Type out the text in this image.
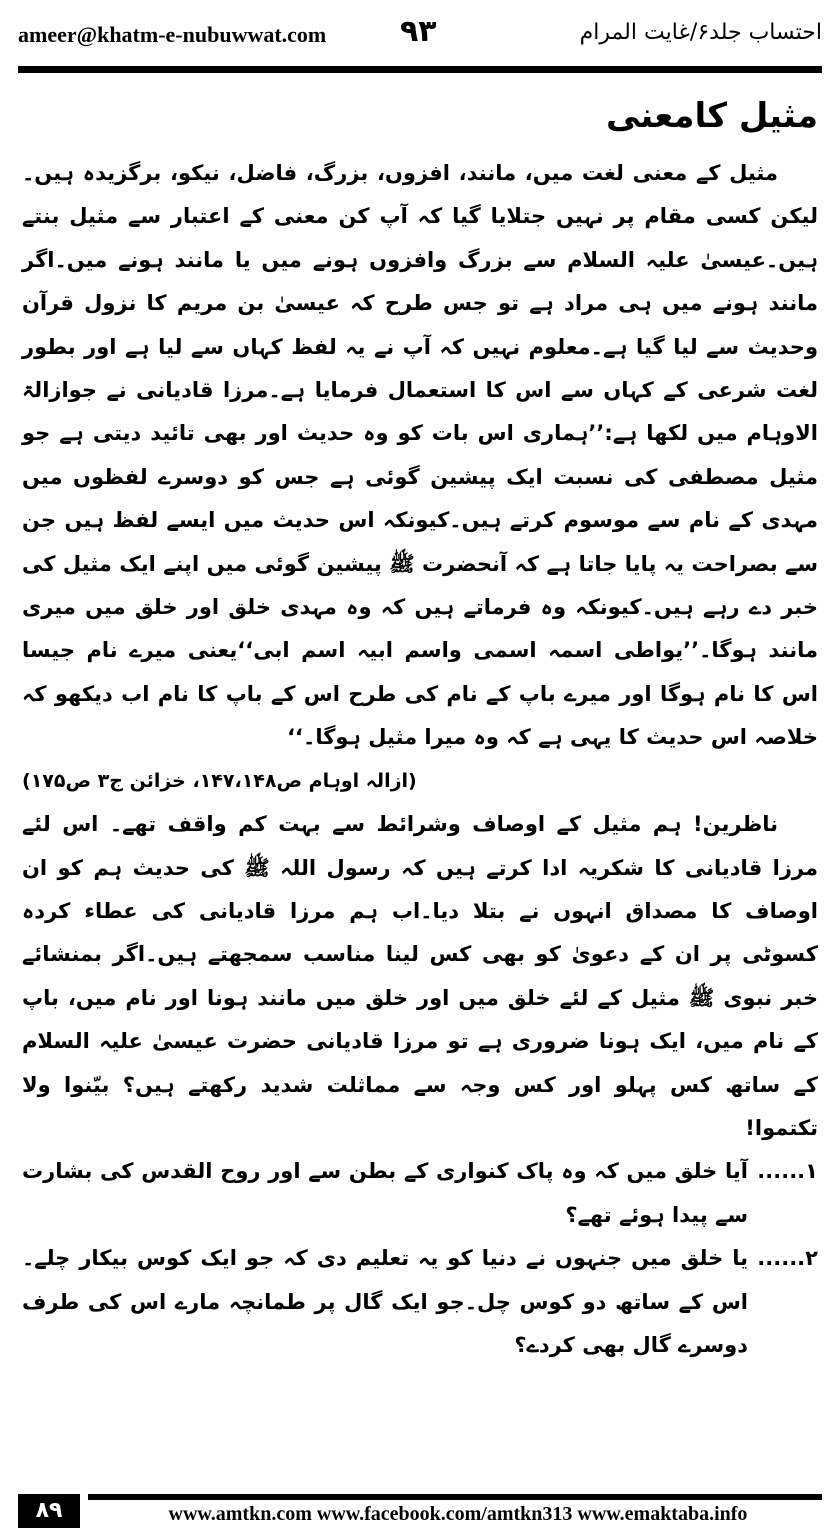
ameer@khatm-e-nubuwwat.com ۹۳	احتساب جلد۶/غایت المرام
مثیل کامعنی
مثیل کے معنی لغت میں، مانند، افزوں، بزرگ، فاضل، نیکو، برگزیدہ ہیں۔لیکن کسی مقام پر نہیں جتلایا گیا کہ آپ کن معنی کے اعتبار سے مثیل بنتے ہیں۔عیسیٰ علیہ السلام سے بزرگ وافزوں ہونے میں یا مانند ہونے میں۔اگر مانند ہونے میں ہی مراد ہے تو جس طرح کہ عیسیٰ بن مریم کا نزول قرآن وحدیث سے لیا گیا ہے۔معلوم نہیں کہ آپ نے یہ لفظ کہاں سے لیا ہے اور بطور لغت شرعی کے کہاں سے اس کا استعمال فرمایا ہے۔مرزا قادیانی نے جوازالۃ الاوہام میں لکھا ہے:’’ہماری اس بات کو وہ حدیث اور بھی تائید دیتی ہے جو مثیل مصطفی کی نسبت ایک پیشین گوئی ہے جس کو دوسرے لفظوں میں مہدی کے نام سے موسوم کرتے ہیں۔کیونکہ اس حدیث میں ایسے لفظ ہیں جن سے بصراحت یہ پایا جاتا ہے کہ آنحضرت ﷺ پیشین گوئی میں اپنے ایک مثیل کی خبر دے رہے ہیں۔کیونکہ وہ فرماتے ہیں کہ وہ مہدی خلق اور خلق میں میری مانند ہوگا۔’’یواطی اسمہ اسمی واسم ابیہ اسم ابی‘‘یعنی میرے نام جیسا اس کا نام ہوگا اور میرے باپ کے نام کی طرح اس کے باپ کا نام اب دیکھو کہ خلاصہ اس حدیث کا یہی ہے کہ وہ میرا مثیل ہوگا۔‘‘
(ازالہ اوہام ص۱۴۷،۱۴۸، خزائن ج۳ ص۱۷۵)
ناظرین! ہم مثیل کے اوصاف وشرائط سے بہت کم واقف تھے۔ اس لئے مرزا قادیانی کا شکریہ ادا کرتے ہیں کہ رسول اللہ ﷺ کی حدیث ہم کو ان اوصاف کا مصداق انہوں نے بتلا دیا۔اب ہم مرزا قادیانی کی عطاء کردہ کسوٹی پر ان کے دعویٰ کو بھی کس لینا مناسب سمجھتے ہیں۔اگر بمنشائے خبر نبوی ﷺ مثیل کے لئے خلق میں اور خلق میں مانند ہونا اور نام میں، باپ کے نام میں، ایک ہونا ضروری ہے تو مرزا قادیانی حضرت عیسیٰ علیہ السلام کے ساتھ کس پہلو اور کس وجہ سے مماثلت شدید رکھتے ہیں؟ بیّنوا ولا تکتموا!
۱......
آیا خلق میں کہ وہ پاک کنواری کے بطن سے اور روح القدس کی بشارت سے پیدا ہوئے تھے؟
۲......
یا خلق میں جنہوں نے دنیا کو یہ تعلیم دی کہ جو ایک کوس بیکار چلے۔اس کے ساتھ دو کوس چل۔جو ایک گال پر طمانچہ مارے اس کی طرف دوسرے گال بھی کردے؟
۸۹	www.amtkn.com www.facebook.com/amtkn313 www.emaktaba.info
